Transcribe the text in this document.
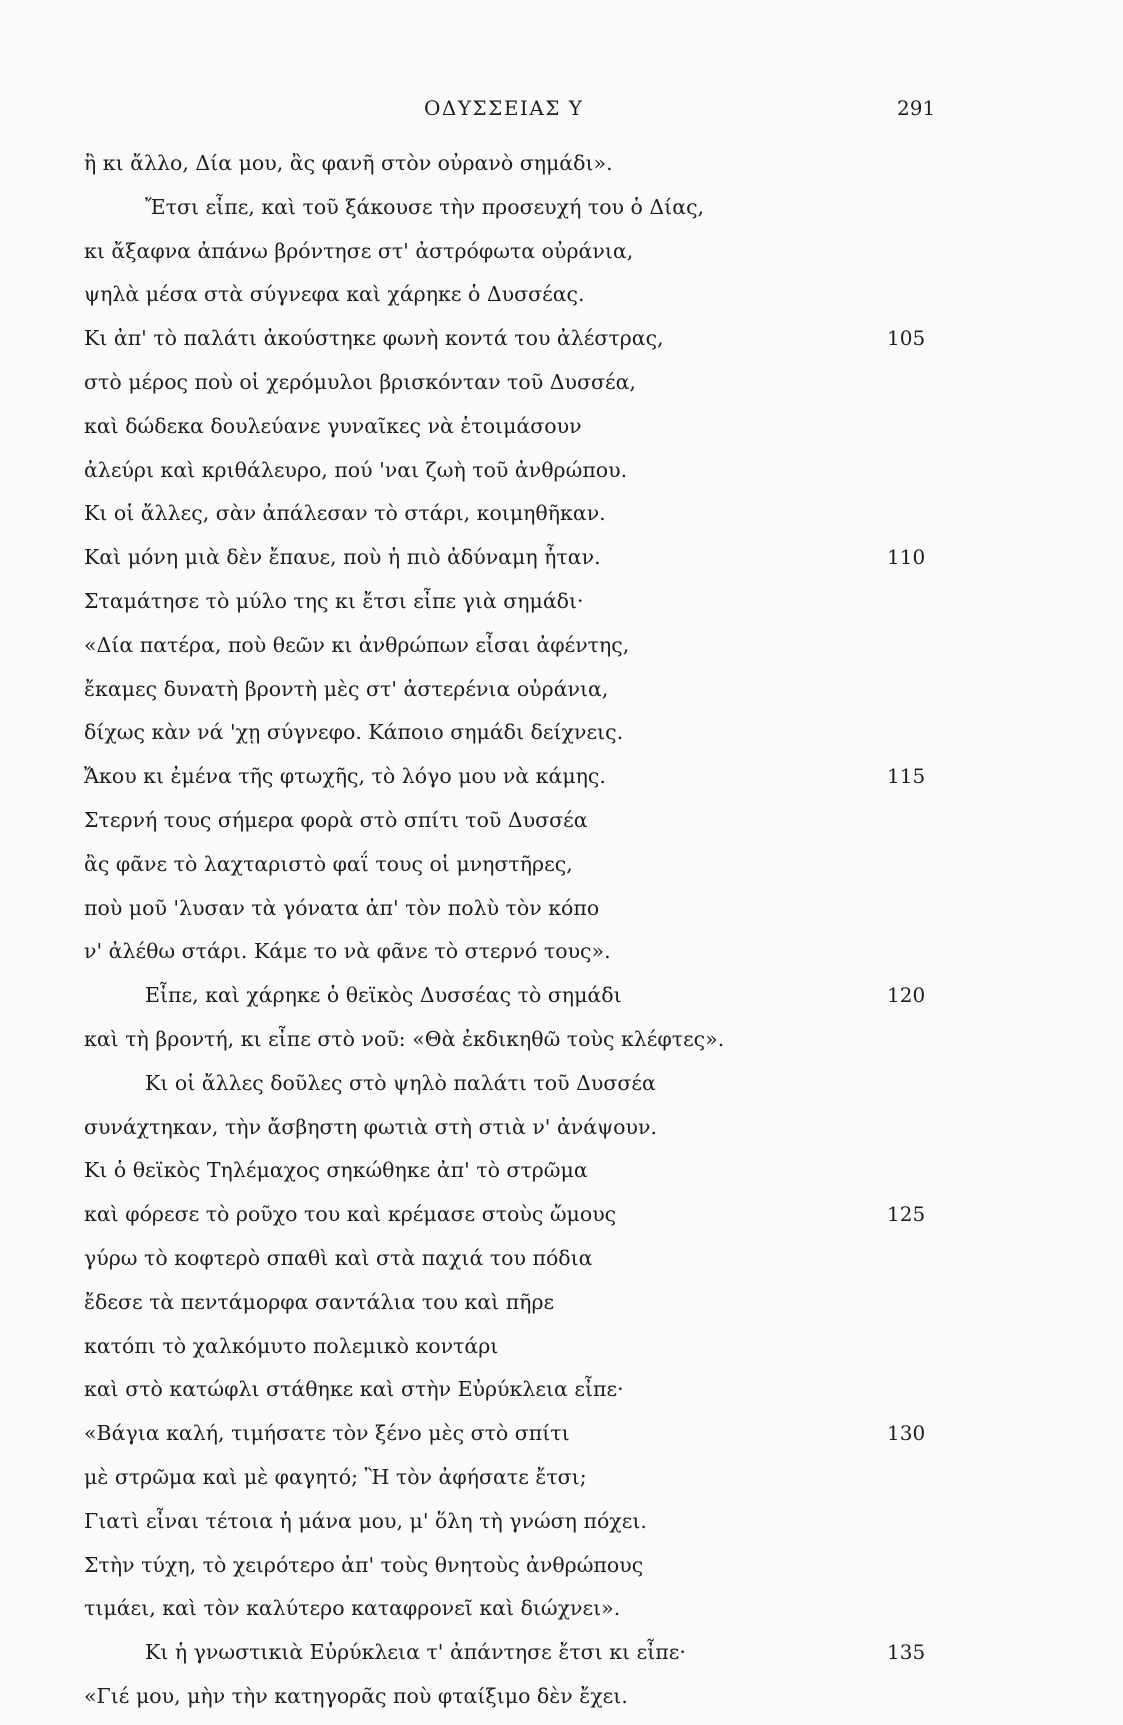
ΟΔΥΣΣΕΙΑΣ Υ	291
ἢ κι ἄλλο, Δία μου, ἂς φανῆ στὸν οὐρανὸ σημάδι».
Ἔτσι εἶπε, καὶ τοῦ ξάκουσε τὴν προσευχή του ὁ Δίας,
κι ἄξαφνα ἀπάνω βρόντησε στ' ἀστρόφωτα οὐράνια,
ψηλὰ μέσα στὰ σύγνεφα καὶ χάρηκε ὁ Δυσσέας.
Κι ἀπ' τὸ παλάτι ἀκούστηκε φωνὴ κοντά του ἀλέστρας,	105
στὸ μέρος ποὺ οἱ χερόμυλοι βρισκόνταν τοῦ Δυσσέα,
καὶ δώδεκα δουλεύανε γυναῖκες νὰ ἑτοιμάσουν
ἀλεύρι καὶ κριθάλευρο, πού 'ναι ζωὴ τοῦ ἀνθρώπου.
Κι οἱ ἄλλες, σὰν ἀπάλεσαν τὸ στάρι, κοιμηθῆκαν.
Καὶ μόνη μιὰ δὲν ἔπαυε, ποὺ ἡ πιὸ ἀδύναμη ἦταν.	110
Σταμάτησε τὸ μύλο της κι ἔτσι εἶπε γιὰ σημάδι·
«Δία πατέρα, ποὺ θεῶν κι ἀνθρώπων εἶσαι ἀφέντης,
ἔκαμες δυνατὴ βροντὴ μὲς στ' ἀστερένια οὐράνια,
δίχως κὰν νά 'χῃ σύγνεφο. Κάποιο σημάδι δείχνεις.
Ἄκου κι ἐμένα τῆς φτωχῆς, τὸ λόγο μου νὰ κάμης.	115
Στερνή τους σήμερα φορὰ στὸ σπίτι τοῦ Δυσσέα
ἂς φᾶνε τὸ λαχταριστὸ φαΐ τους οἱ μνηστῆρες,
ποὺ μοῦ 'λυσαν τὰ γόνατα ἀπ' τὸν πολὺ τὸν κόπο
ν' ἀλέθω στάρι. Κάμε το νὰ φᾶνε τὸ στερνό τους».
Εἶπε, καὶ χάρηκε ὁ θεϊκὸς Δυσσέας τὸ σημάδι	120
καὶ τὴ βροντή, κι εἶπε στὸ νοῦ: «Θὰ ἐκδικηθῶ τοὺς κλέφτες».
Κι οἱ ἄλλες δοῦλες στὸ ψηλὸ παλάτι τοῦ Δυσσέα
συνάχτηκαν, τὴν ἄσβηστη φωτιὰ στὴ στιὰ ν' ἀνάψουν.
Κι ὁ θεϊκὸς Τηλέμαχος σηκώθηκε ἀπ' τὸ στρῶμα
καὶ φόρεσε τὸ ροῦχο του καὶ κρέμασε στοὺς ὤμους	125
γύρω τὸ κοφτερὸ σπαθὶ καὶ στὰ παχιά του πόδια
ἔδεσε τὰ πεντάμορφα σαντάλια του καὶ πῆρε
κατόπι τὸ χαλκόμυτο πολεμικὸ κοντάρι
καὶ στὸ κατώφλι στάθηκε καὶ στὴν Εὐρύκλεια εἶπε·
«Βάγια καλή, τιμήσατε τὸν ξένο μὲς στὸ σπίτι	130
μὲ στρῶμα καὶ μὲ φαγητό; Ἢ τὸν ἀφήσατε ἔτσι;
Γιατὶ εἶναι τέτοια ἡ μάνα μου, μ' ὅλη τὴ γνώση πόχει.
Στὴν τύχη, τὸ χειρότερο ἀπ' τοὺς θνητοὺς ἀνθρώπους
τιμάει, καὶ τὸν καλύτερο καταφρονεῖ καὶ διώχνει».
Κι ἡ γνωστικιὰ Εὐρύκλεια τ' ἀπάντησε ἔτσι κι εἶπε·	135
«Γιέ μου, μὴν τὴν κατηγορᾶς ποὺ φταίξιμο δὲν ἔχει.
